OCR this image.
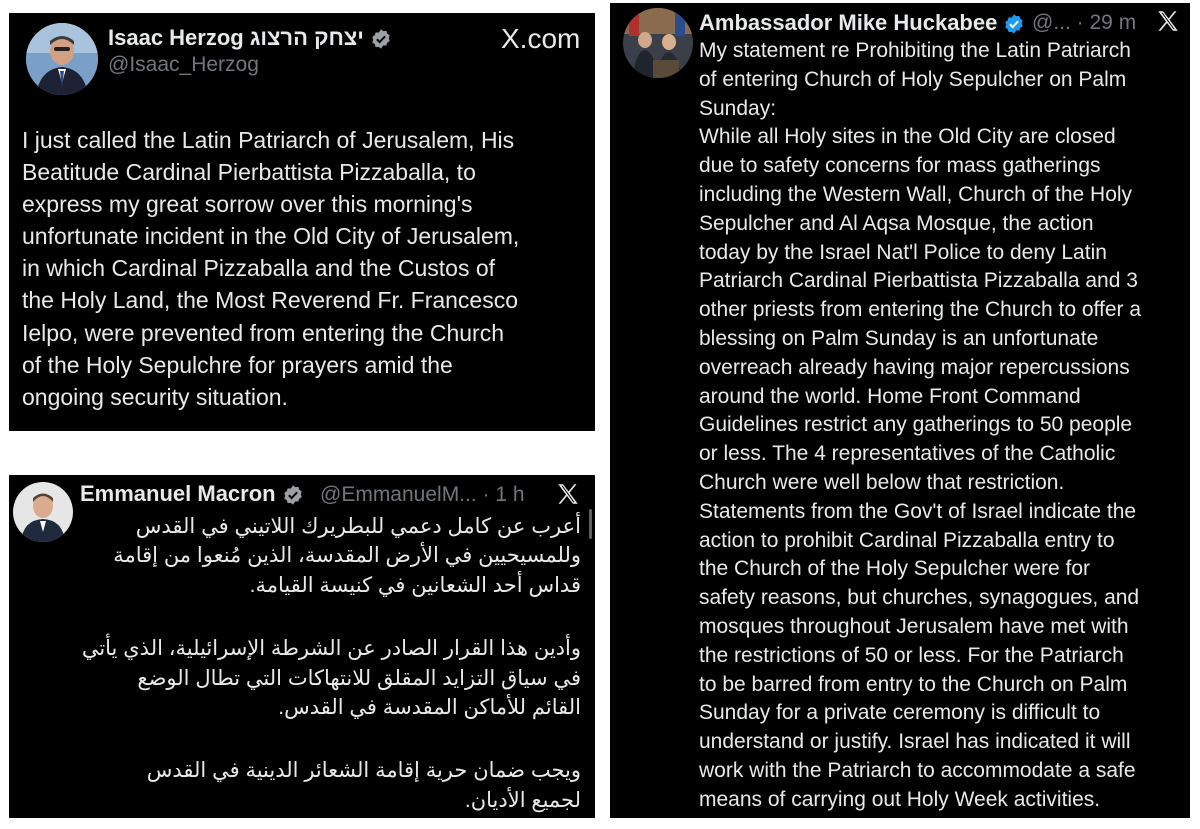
Isaac Herzog יצחק הרצוג
@Isaac_Herzog
X.com
I just called the Latin Patriarch of Jerusalem, His
Beatitude Cardinal Pierbattista Pizzaballa, to
express my great sorrow over this morning's
unfortunate incident in the Old City of Jerusalem,
in which Cardinal Pizzaballa and the Custos of
the Holy Land, the Most Reverend Fr. Francesco
Ielpo, were prevented from entering the Church
of the Holy Sepulchre for prayers amid the
ongoing security situation.
Emmanuel Macron	@EmmanuelM... · 1 h
أعرب عن كامل دعمي للبطريرك اللاتيني في القدس
وللمسيحيين في الأرض المقدسة، الذين مُنعوا من إقامة
قداس أحد الشعانين في كنيسة القيامة.
وأدين هذا القرار الصادر عن الشرطة الإسرائيلية، الذي يأتي
في سياق التزايد المقلق للانتهاكات التي تطال الوضع
القائم للأماكن المقدسة في القدس.
ويجب ضمان حرية إقامة الشعائر الدينية في القدس
لجميع الأديان.
Ambassador Mike Huckabee	@... · 29 m
My statement re Prohibiting the Latin Patriarch
of entering Church of Holy Sepulcher on Palm
Sunday:
While all Holy sites in the Old City are closed
due to safety concerns for mass gatherings
including the Western Wall, Church of the Holy
Sepulcher and Al Aqsa Mosque, the action
today by the Israel Nat'l Police to deny Latin
Patriarch Cardinal Pierbattista Pizzaballa and 3
other priests from entering the Church to offer a
blessing on Palm Sunday is an unfortunate
overreach already having major repercussions
around the world. Home Front Command
Guidelines restrict any gatherings to 50 people
or less. The 4 representatives of the Catholic
Church were well below that restriction.
Statements from the Gov't of Israel indicate the
action to prohibit Cardinal Pizzaballa entry to
the Church of the Holy Sepulcher were for
safety reasons, but churches, synagogues, and
mosques throughout Jerusalem have met with
the restrictions of 50 or less. For the Patriarch
to be barred from entry to the Church on Palm
Sunday for a private ceremony is difficult to
understand or justify. Israel has indicated it will
work with the Patriarch to accommodate a safe
means of carrying out Holy Week activities.
